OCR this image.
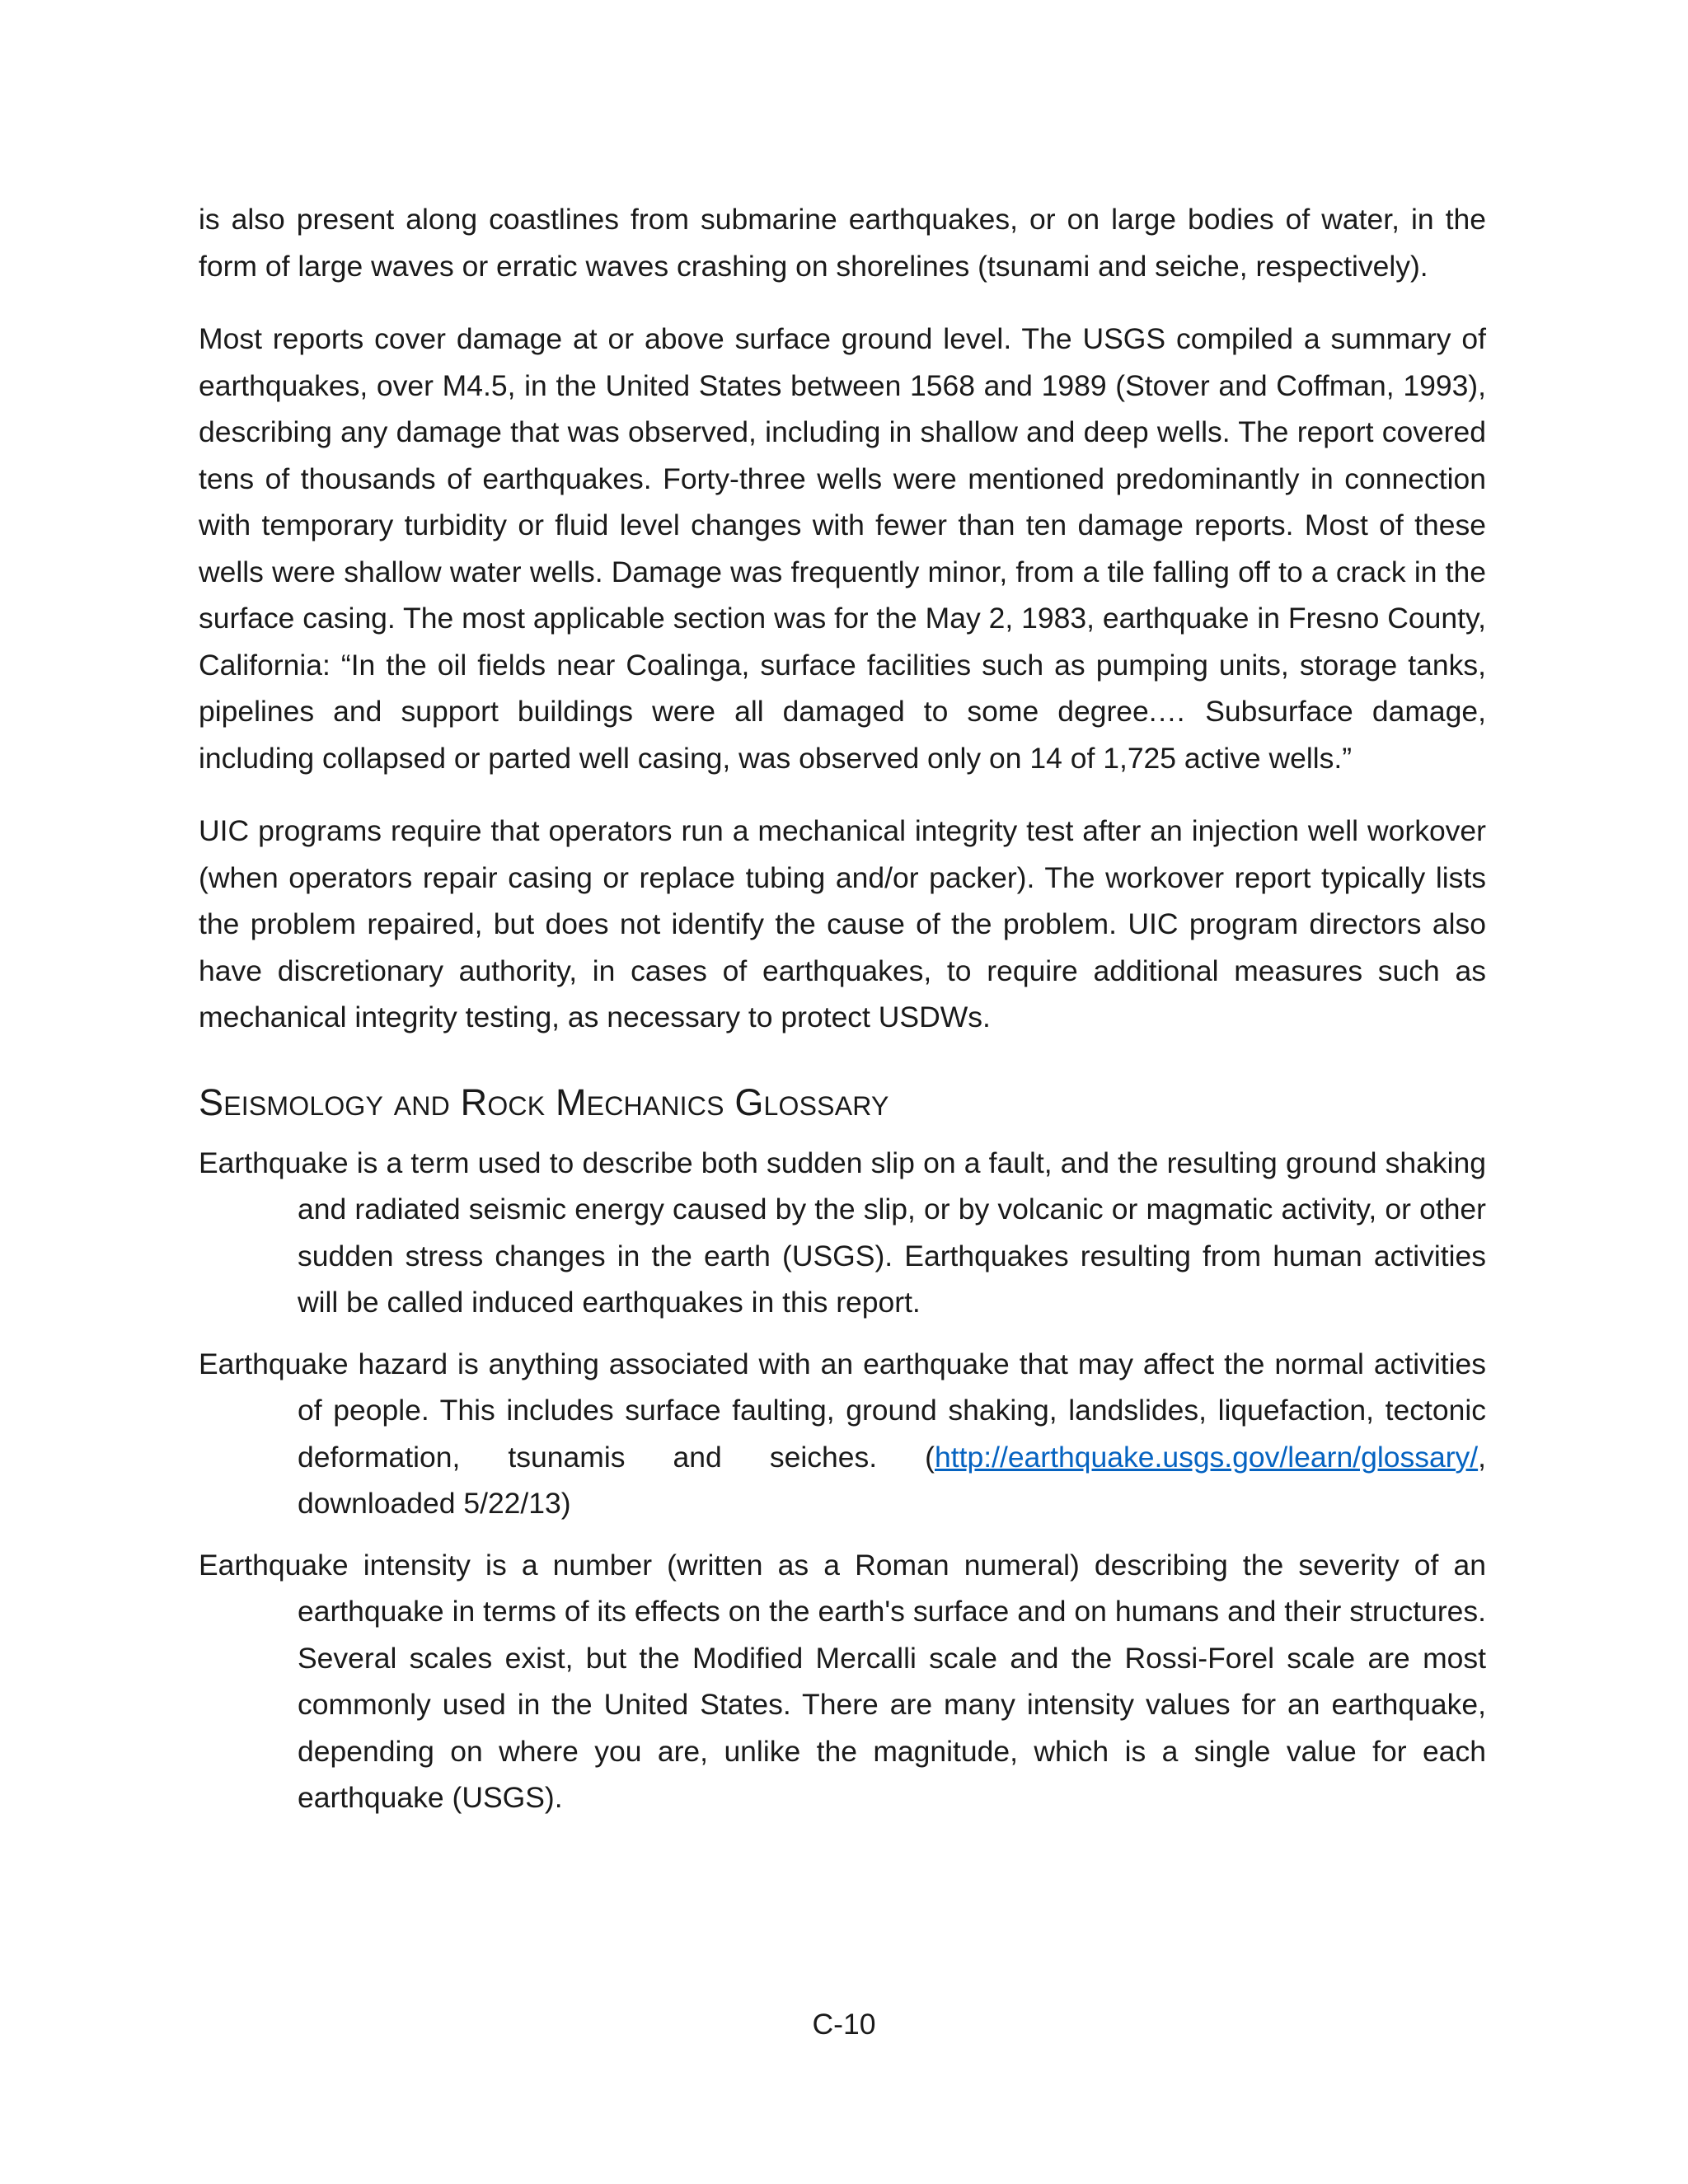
is also present along coastlines from submarine earthquakes, or on large bodies of water, in the form of large waves or erratic waves crashing on shorelines (tsunami and seiche, respectively).

Most reports cover damage at or above surface ground level. The USGS compiled a summary of earthquakes, over M4.5, in the United States between 1568 and 1989 (Stover and Coffman, 1993), describing any damage that was observed, including in shallow and deep wells. The report covered tens of thousands of earthquakes. Forty-three wells were mentioned predominantly in connection with temporary turbidity or fluid level changes with fewer than ten damage reports. Most of these wells were shallow water wells. Damage was frequently minor, from a tile falling off to a crack in the surface casing. The most applicable section was for the May 2, 1983, earthquake in Fresno County, California: “In the oil fields near Coalinga, surface facilities such as pumping units, storage tanks, pipelines and support buildings were all damaged to some degree.… Subsurface damage, including collapsed or parted well casing, was observed only on 14 of 1,725 active wells.”

UIC programs require that operators run a mechanical integrity test after an injection well workover (when operators repair casing or replace tubing and/or packer). The workover report typically lists the problem repaired, but does not identify the cause of the problem. UIC program directors also have discretionary authority, in cases of earthquakes, to require additional measures such as mechanical integrity testing, as necessary to protect USDWs.

Seismology and Rock Mechanics Glossary

Earthquake is a term used to describe both sudden slip on a fault, and the resulting ground shaking and radiated seismic energy caused by the slip, or by volcanic or magmatic activity, or other sudden stress changes in the earth (USGS). Earthquakes resulting from human activities will be called induced earthquakes in this report.

Earthquake hazard is anything associated with an earthquake that may affect the normal activities of people. This includes surface faulting, ground shaking, landslides, liquefaction, tectonic deformation, tsunamis and seiches. (http://earthquake.usgs.gov/learn/glossary/, downloaded 5/22/13)

Earthquake intensity is a number (written as a Roman numeral) describing the severity of an earthquake in terms of its effects on the earth's surface and on humans and their structures. Several scales exist, but the Modified Mercalli scale and the Rossi-Forel scale are most commonly used in the United States. There are many intensity values for an earthquake, depending on where you are, unlike the magnitude, which is a single value for each earthquake (USGS).

C-10
